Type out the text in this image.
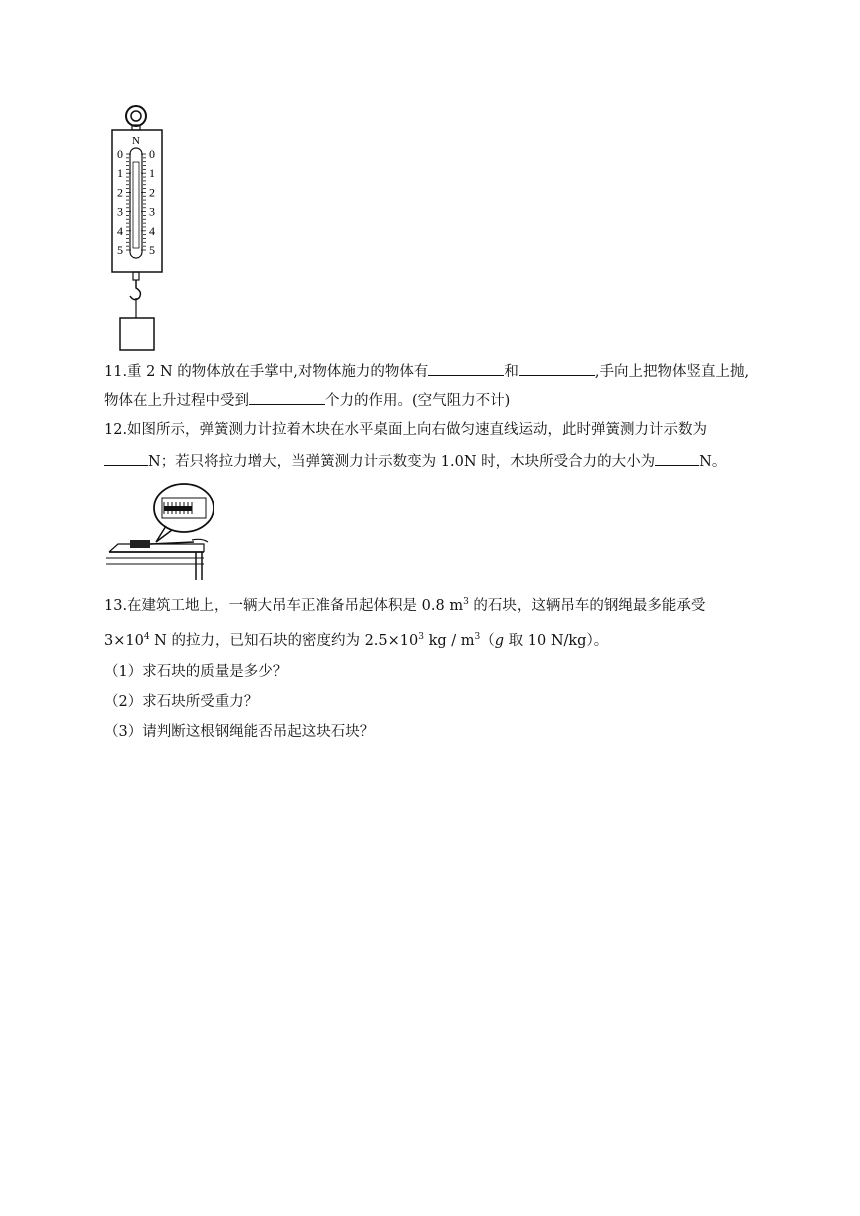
N
0 0
1 1
2 2
3 3
4 4
5 5
11.重 2 N 的物体放在手掌中,对物体施力的物体有	和	,手向上把物体竖直上抛,
物体在上升过程中受到	个力的作用。(空气阻力不计)
12.如图所示，弹簧测力计拉着木块在水平桌面上向右做匀速直线运动，此时弹簧测力计示数为
N；若只将拉力增大，当弹簧测力计示数变为 1.0N 时，木块所受合力的大小为	N。
13.在建筑工地上，一辆大吊车正准备吊起体积是 0.8 $m^3$ 的石块，这辆吊车的钢绳最多能承受
$3\times 10^4$ N 的拉力，已知石块的密度约为 $2.5\times 10^3$ kg / $m^3(g$ 取 10 N/kg）。
（1）求石块的质量是多少？
（2）求石块所受重力？
（3）请判断这根钢绳能否吊起这块石块？
